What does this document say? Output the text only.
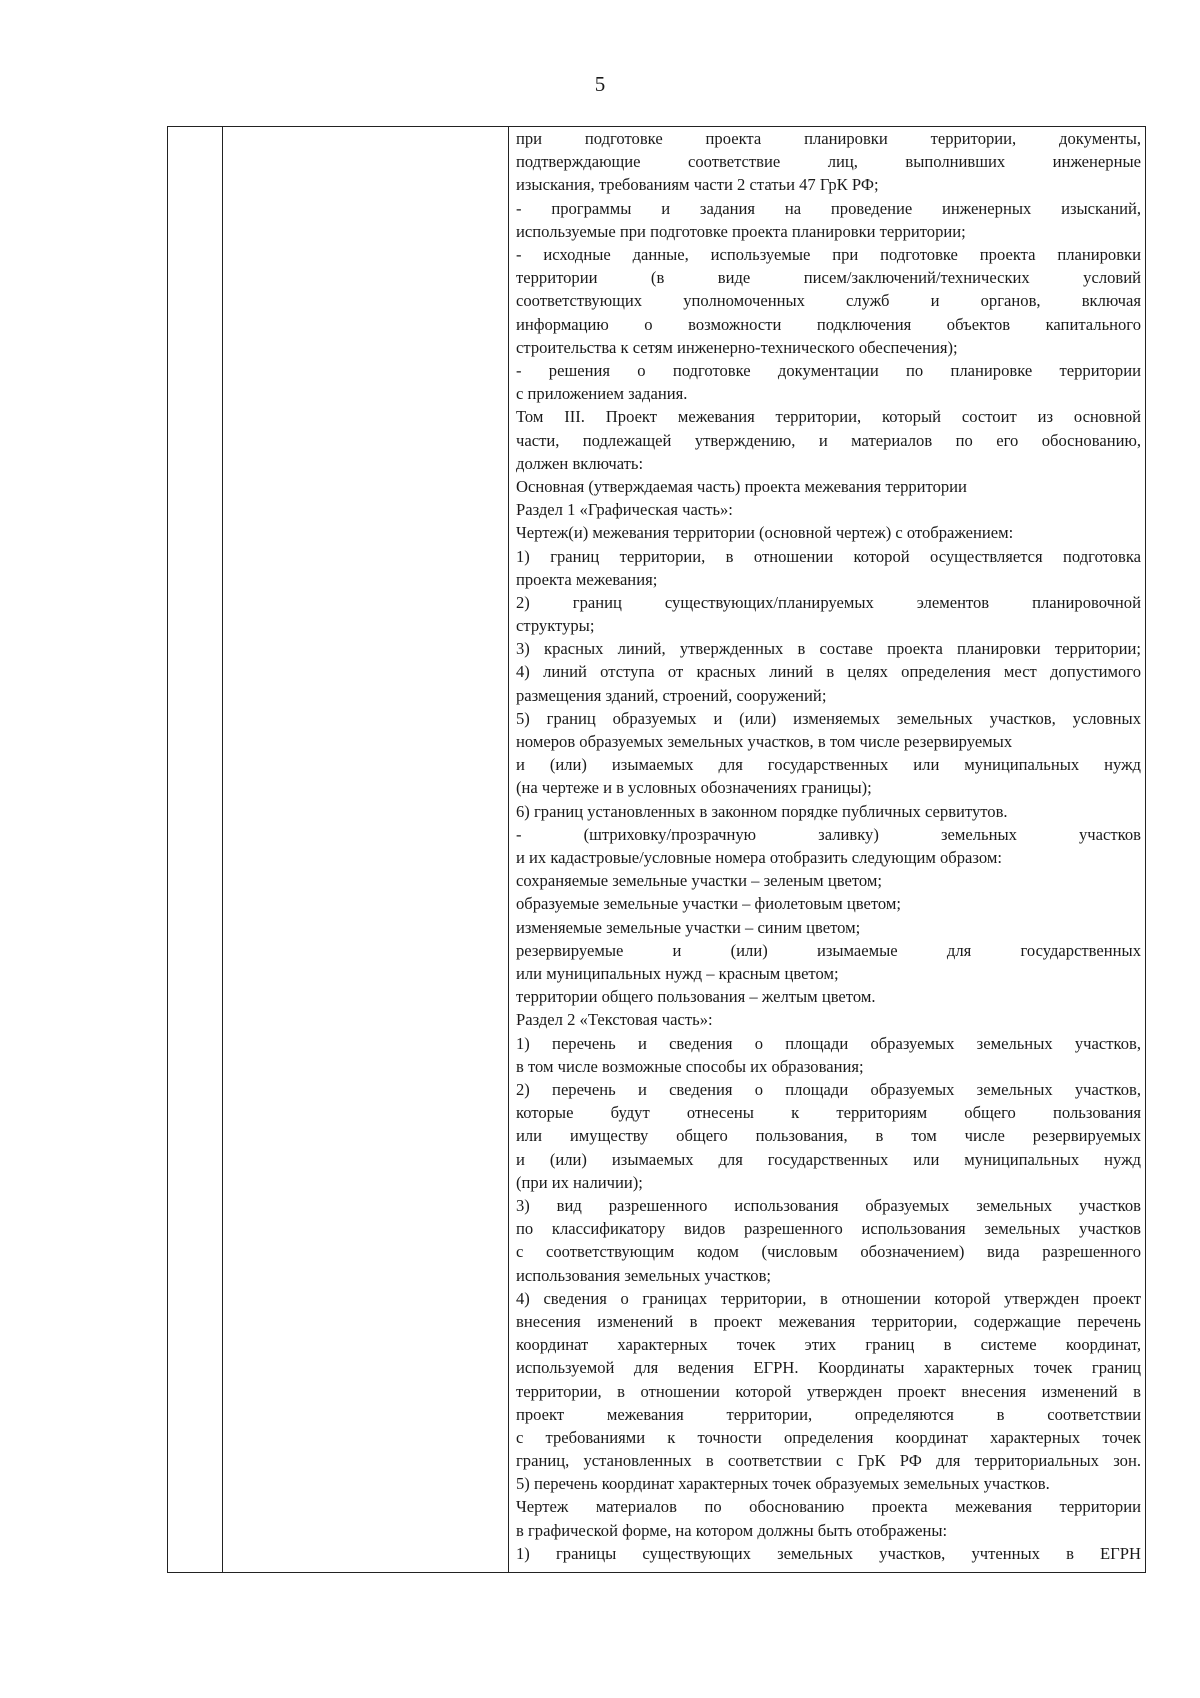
5
при подготовке проекта планировки территории, документы,
подтверждающие соответствие лиц, выполнивших инженерные
изыскания, требованиям части 2 статьи 47 ГрК РФ;
- программы и задания на проведение инженерных изысканий,
используемые при подготовке проекта планировки территории;
- исходные данные, используемые при подготовке проекта планировки
территории (в виде писем/заключений/технических условий
соответствующих уполномоченных служб и органов, включая
информацию о возможности подключения объектов капитального
строительства к сетям инженерно-технического обеспечения);
- решения о подготовке документации по планировке территории
с приложением задания.
Том III. Проект межевания территории, который состоит из основной
части, подлежащей утверждению, и материалов по его обоснованию,
должен включать:
Основная (утверждаемая часть) проекта межевания территории
Раздел 1 «Графическая часть»:
Чертеж(и) межевания территории (основной чертеж) с отображением:
1) границ территории, в отношении которой осуществляется подготовка
проекта межевания;
2) границ существующих/планируемых элементов планировочной
структуры;
3) красных линий, утвержденных в составе проекта планировки территории;
4) линий отступа от красных линий в целях определения мест допустимого
размещения зданий, строений, сооружений;
5) границ образуемых и (или) изменяемых земельных участков, условных
номеров образуемых земельных участков, в том числе резервируемых
и (или) изымаемых для государственных или муниципальных нужд
(на чертеже и в условных обозначениях границы);
6) границ установленных в законном порядке публичных сервитутов.
- (штриховку/прозрачную заливку) земельных участков
и их кадастровые/условные номера отобразить следующим образом:
сохраняемые земельные участки – зеленым цветом;
образуемые земельные участки – фиолетовым цветом;
изменяемые земельные участки – синим цветом;
резервируемые и (или) изымаемые для государственных
или муниципальных нужд – красным цветом;
территории общего пользования – желтым цветом.
Раздел 2 «Текстовая часть»:
1) перечень и сведения о площади образуемых земельных участков,
в том числе возможные способы их образования;
2) перечень и сведения о площади образуемых земельных участков,
которые будут отнесены к территориям общего пользования
или имуществу общего пользования, в том числе резервируемых
и (или) изымаемых для государственных или муниципальных нужд
(при их наличии);
3) вид разрешенного использования образуемых земельных участков
по классификатору видов разрешенного использования земельных участков
с соответствующим кодом (числовым обозначением) вида разрешенного
использования земельных участков;
4) сведения о границах территории, в отношении которой утвержден проект
внесения изменений в проект межевания территории, содержащие перечень
координат характерных точек этих границ в системе координат,
используемой для ведения ЕГРН. Координаты характерных точек границ
территории, в отношении которой утвержден проект внесения изменений в
проект межевания территории, определяются в соответствии
с требованиями к точности определения координат характерных точек
границ, установленных в соответствии с ГрК РФ для территориальных зон.
5) перечень координат характерных точек образуемых земельных участков.
Чертеж материалов по обоснованию проекта межевания территории
в графической форме, на котором должны быть отображены:
1) границы существующих земельных участков, учтенных в ЕГРН
